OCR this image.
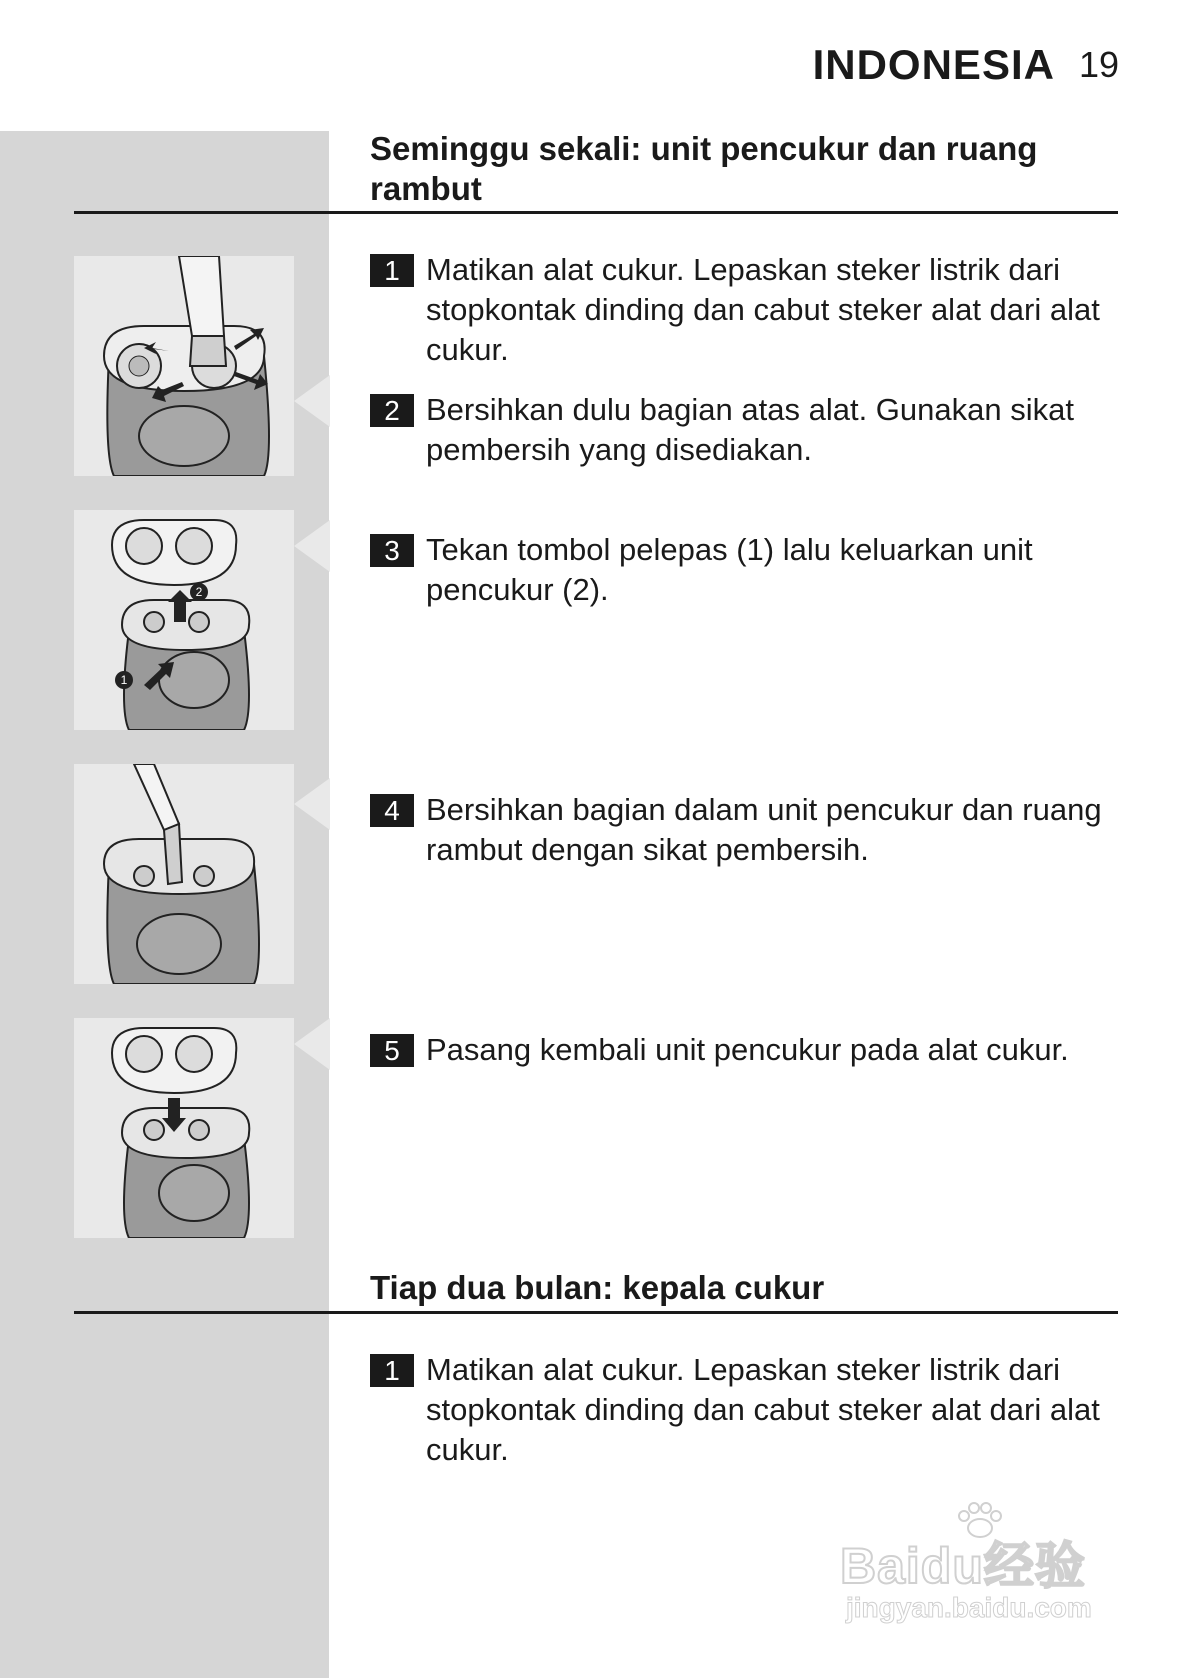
INDONESIA 19
Seminggu sekali: unit pencukur dan ruang rambut
2
1
1 Matikan alat cukur. Lepaskan steker listrik dari stopkontak dinding dan cabut steker alat dari alat cukur.
2 Bersihkan dulu bagian atas alat. Gunakan sikat pembersih yang disediakan.
3 Tekan tombol pelepas (1) lalu keluarkan unit pencukur (2).
4 Bersihkan bagian dalam unit pencukur dan ruang rambut dengan sikat pembersih.
5 Pasang kembali unit pencukur pada alat cukur.
Tiap dua bulan: kepala cukur
1 Matikan alat cukur. Lepaskan steker listrik dari stopkontak dinding dan cabut steker alat dari alat cukur.
Baidu经验
jingyan.baidu.com
